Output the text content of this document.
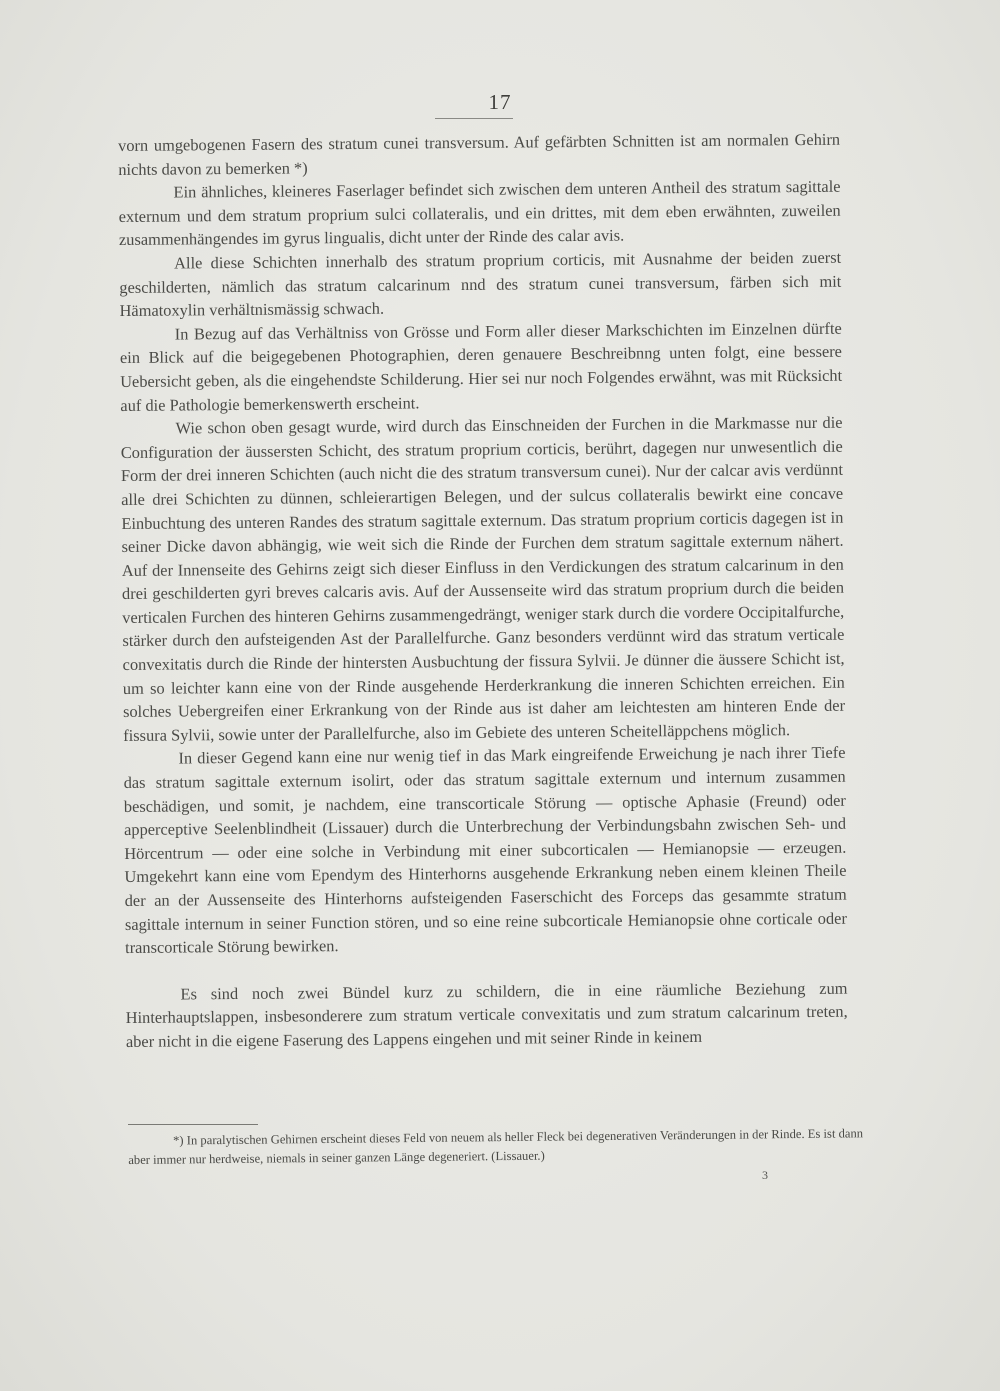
17

vorn umgebogenen Fasern des stratum cunei transversum. Auf gefärbten Schnitten ist am normalen Gehirn nichts davon zu bemerken *)

Ein ähnliches, kleineres Faserlager befindet sich zwischen dem unteren Antheil des stratum sagittale externum und dem stratum proprium sulci collateralis, und ein drittes, mit dem eben erwähnten, zuweilen zusammenhängendes im gyrus lingualis, dicht unter der Rinde des calar avis.

Alle diese Schichten innerhalb des stratum proprium corticis, mit Ausnahme der beiden zuerst geschilderten, nämlich das stratum calcarinum nnd des stratum cunei transversum, färben sich mit Hämatoxylin verhältnismässig schwach.

In Bezug auf das Verhältniss von Grösse und Form aller dieser Markschichten im Einzelnen dürfte ein Blick auf die beigegebenen Photographien, deren genauere Beschreibnng unten folgt, eine bessere Uebersicht geben, als die eingehendste Schilderung. Hier sei nur noch Folgendes erwähnt, was mit Rücksicht auf die Pathologie bemerkenswerth erscheint.

Wie schon oben gesagt wurde, wird durch das Einschneiden der Furchen in die Markmasse nur die Configuration der äussersten Schicht, des stratum proprium corticis, berührt, dagegen nur unwesentlich die Form der drei inneren Schichten (auch nicht die des stratum transversum cunei). Nur der calcar avis verdünnt alle drei Schichten zu dünnen, schleierartigen Belegen, und der sulcus collateralis bewirkt eine concave Einbuchtung des unteren Randes des stratum sagittale externum. Das stratum proprium corticis dagegen ist in seiner Dicke davon abhängig, wie weit sich die Rinde der Furchen dem stratum sagittale externum nähert. Auf der Innenseite des Gehirns zeigt sich dieser Einfluss in den Verdickungen des stratum calcarinum in den drei geschilderten gyri breves calcaris avis. Auf der Aussenseite wird das stratum proprium durch die beiden verticalen Furchen des hinteren Gehirns zusammengedrängt, weniger stark durch die vordere Occipitalfurche, stärker durch den aufsteigenden Ast der Parallelfurche. Ganz besonders verdünnt wird das stratum verticale convexitatis durch die Rinde der hintersten Ausbuchtung der fissura Sylvii. Je dünner die äussere Schicht ist, um so leichter kann eine von der Rinde ausgehende Herderkrankung die inneren Schichten erreichen. Ein solches Uebergreifen einer Erkrankung von der Rinde aus ist daher am leichtesten am hinteren Ende der fissura Sylvii, sowie unter der Parallelfurche, also im Gebiete des unteren Scheitelläppchens möglich.

In dieser Gegend kann eine nur wenig tief in das Mark eingreifende Erweichung je nach ihrer Tiefe das stratum sagittale externum isolirt, oder das stratum sagittale externum und internum zusammen beschädigen, und somit, je nachdem, eine transcorticale Störung — optische Aphasie (Freund) oder apperceptive Seelenblindheit (Lissauer) durch die Unterbrechung der Verbindungsbahn zwischen Seh- und Hörcentrum — oder eine solche in Verbindung mit einer subcorticalen — Hemianopsie — erzeugen. Umgekehrt kann eine vom Ependym des Hinterhorns ausgehende Erkrankung neben einem kleinen Theile der an der Aussenseite des Hinterhorns aufsteigenden Faserschicht des Forceps das gesammte stratum sagittale internum in seiner Function stören, und so eine reine subcorticale Hemianopsie ohne corticale oder transcorticale Störung bewirken.

Es sind noch zwei Bündel kurz zu schildern, die in eine räumliche Beziehung zum Hinterhauptslappen, insbesonderere zum stratum verticale convexitatis und zum stratum calcarinum treten, aber nicht in die eigene Faserung des Lappens eingehen und mit seiner Rinde in keinem

*) In paralytischen Gehirnen erscheint dieses Feld von neuem als heller Fleck bei degenerativen Veränderungen in der Rinde. Es ist dann aber immer nur herdweise, niemals in seiner ganzen Länge degeneriert. (Lissauer.)
3
